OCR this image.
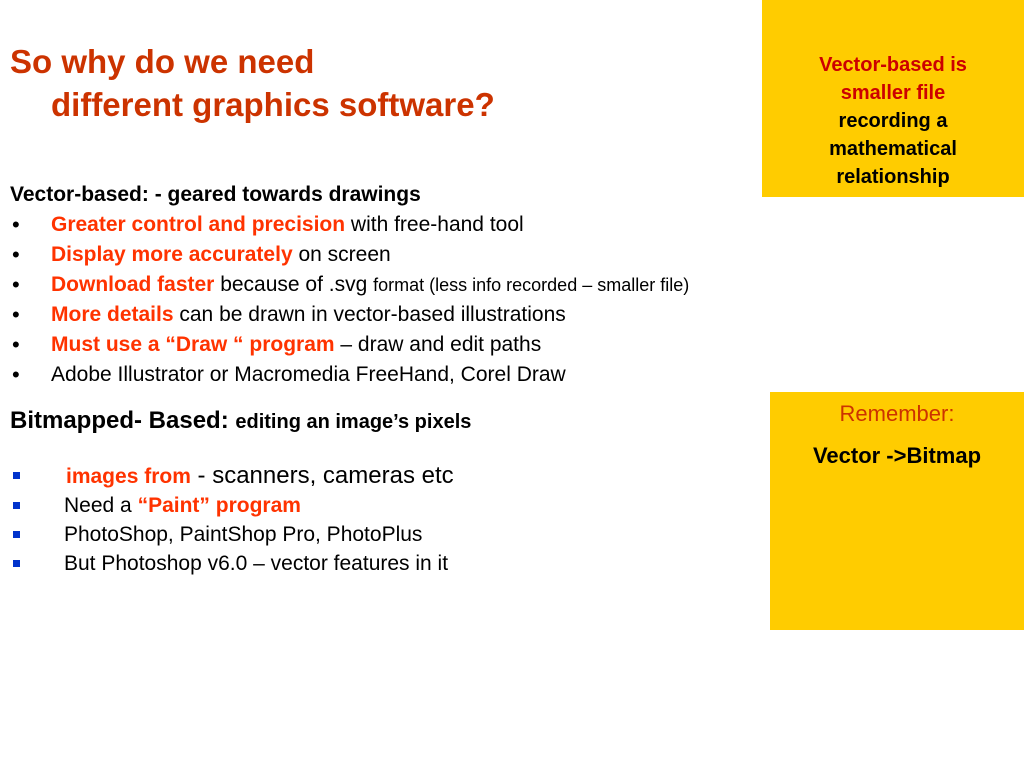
So why do we need
different graphics software?
Vector-based: - geared towards drawings
• Greater control and precision with free-hand tool
• Display more accurately on screen
• Download faster because of .svg format (less info recorded – smaller file)
• More details can be drawn in vector-based illustrations
• Must use a “Draw “ program – draw and edit paths
• Adobe Illustrator or Macromedia FreeHand, Corel Draw
Bitmapped- Based: editing an image’s pixels
images from - scanners, cameras etc
Need a “Paint” program
PhotoShop, PaintShop Pro, PhotoPlus
But Photoshop v6.0 – vector features in it
Vector-based is
smaller file
recording a
mathematical
relationship
Remember:
Vector ->Bitmap
